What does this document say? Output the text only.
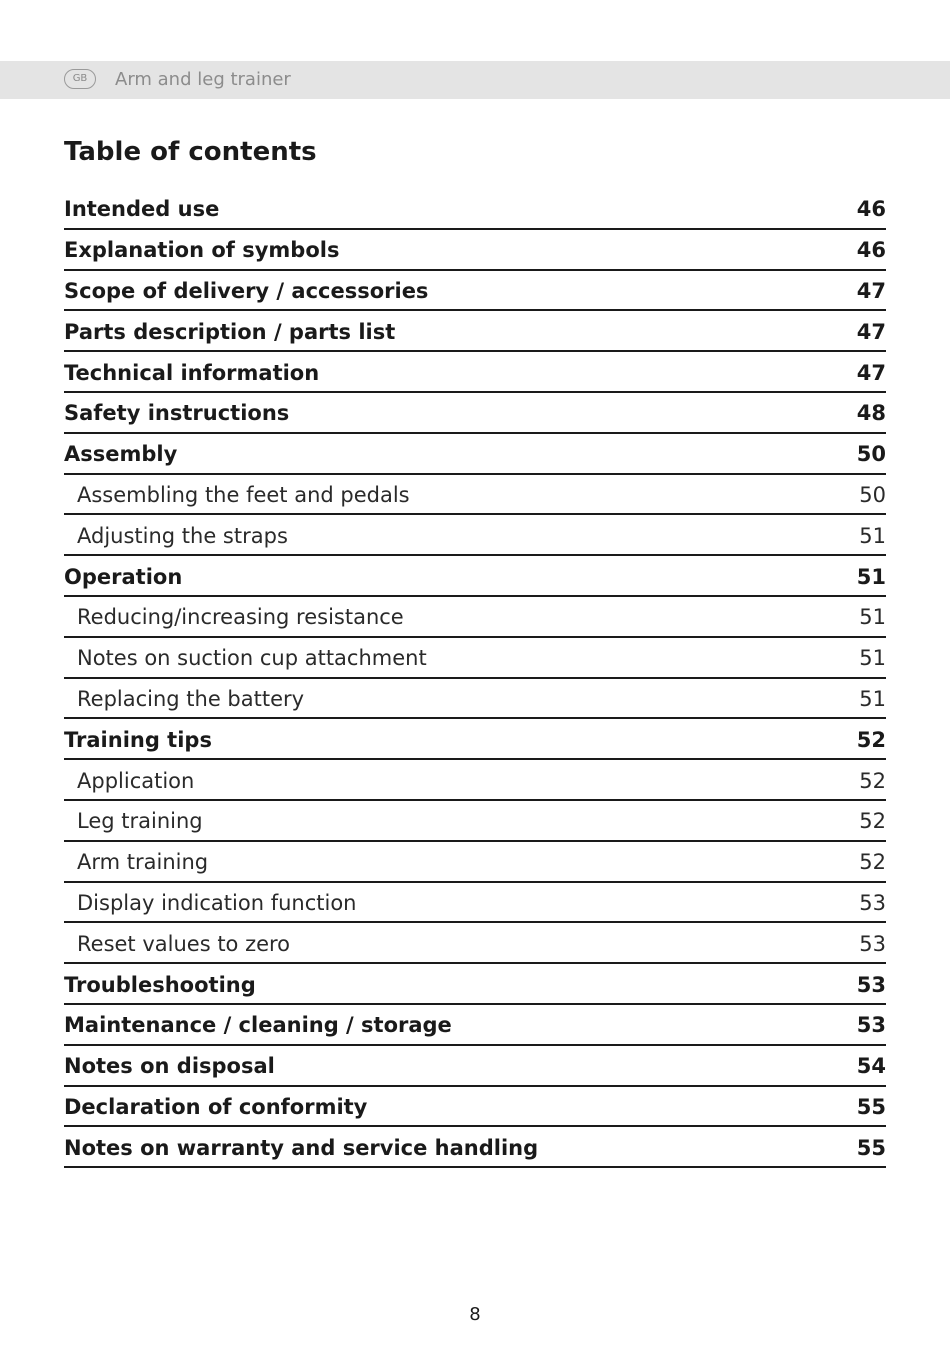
GB	Arm and leg trainer
Table of contents
Intended use	46
Explanation of symbols	46
Scope of delivery / accessories	47
Parts description / parts list	47
Technical information	47
Safety instructions	48
Assembly	50
Assembling the feet and pedals	50
Adjusting the straps	51
Operation	51
Reducing/increasing resistance	51
Notes on suction cup attachment	51
Replacing the battery	51
Training tips	52
Application	52
Leg training	52
Arm training	52
Display indication function	53
Reset values to zero	53
Troubleshooting	53
Maintenance / cleaning / storage	53
Notes on disposal	54
Declaration of conformity	55
Notes on warranty and service handling	55
8
